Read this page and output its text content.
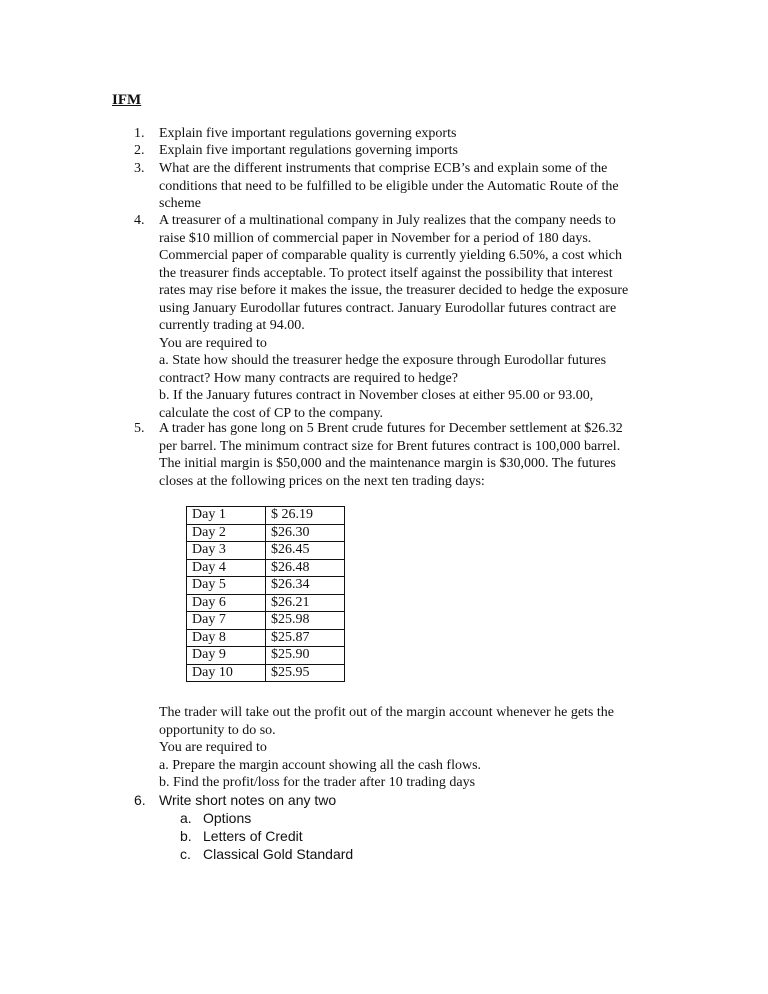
IFM
1. Explain five important regulations governing exports
2. Explain five important regulations governing imports
3. What are the different instruments that comprise ECB’s and explain some of the
conditions that need to be fulfilled to be eligible under the Automatic Route of the
scheme
4. A treasurer of a multinational company in July realizes that the company needs to
raise $10 million of commercial paper in November for a period of 180 days.
Commercial paper of comparable quality is currently yielding 6.50%, a cost which
the treasurer finds acceptable. To protect itself against the possibility that interest
rates may rise before it makes the issue, the treasurer decided to hedge the exposure
using January Eurodollar futures contract. January Eurodollar futures contract are
currently trading at 94.00.
You are required to
a. State how should the treasurer hedge the exposure through Eurodollar futures
contract? How many contracts are required to hedge?
b. If the January futures contract in November closes at either 95.00 or 93.00,
calculate the cost of CP to the company.
5. A trader has gone long on 5 Brent crude futures for December settlement at $26.32
per barrel. The minimum contract size for Brent futures contract is 100,000 barrel.
The initial margin is $50,000 and the maintenance margin is $30,000. The futures
closes at the following prices on the next ten trading days:
Day 1	$ 26.19
Day 2	$26.30
Day 3	$26.45
Day 4	$26.48
Day 5	$26.34
Day 6	$26.21
Day 7	$25.98
Day 8	$25.87
Day 9	$25.90
Day 10	$25.95
The trader will take out the profit out of the margin account whenever he gets the
opportunity to do so.
You are required to
a. Prepare the margin account showing all the cash flows.
b. Find the profit/loss for the trader after 10 trading days
6. Write short notes on any two
a. Options
b. Letters of Credit
c. Classical Gold Standard
